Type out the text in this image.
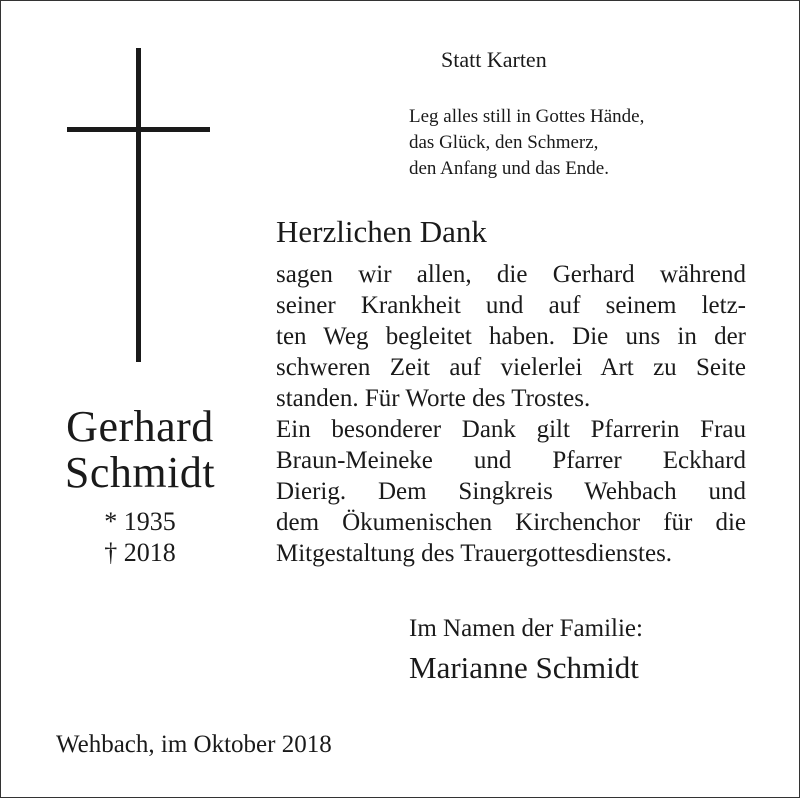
Statt Karten
Leg alles still in Gottes Hände,
das Glück, den Schmerz,
den Anfang und das Ende.
Gerhard
Schmidt
* 1935
† 2018
Herzlichen Dank
sagen wir allen, die Gerhard während
seiner Krankheit und auf seinem letz-
ten Weg begleitet haben. Die uns in der
schweren Zeit auf vielerlei Art zu Seite
standen. Für Worte des Trostes.
Ein besonderer Dank gilt Pfarrerin Frau
Braun-Meineke und Pfarrer Eckhard
Dierig. Dem Singkreis Wehbach und
dem Ökumenischen Kirchenchor für die
Mitgestaltung des Trauergottesdienstes.
Im Namen der Familie:
Marianne Schmidt
Wehbach, im Oktober 2018
